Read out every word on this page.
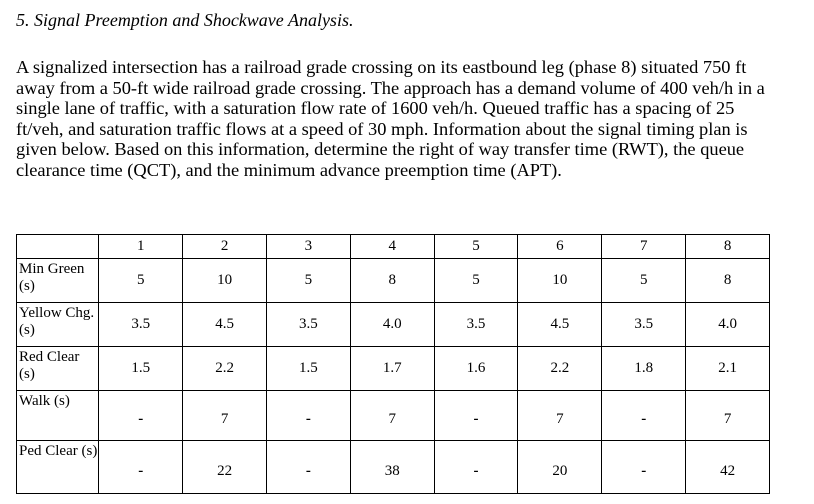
5. Signal Preemption and Shockwave Analysis.

A signalized intersection has a railroad grade crossing on its eastbound leg (phase 8) situated 750 ft away from a 50-ft wide railroad grade crossing. The approach has a demand volume of 400 veh/h in a single lane of traffic, with a saturation flow rate of 1600 veh/h. Queued traffic has a spacing of 25 ft/veh, and saturation traffic flows at a speed of 30 mph. Information about the signal timing plan is given below. Based on this information, determine the right of way transfer time (RWT), the queue clearance time (QCT), and the minimum advance preemption time (APT).

	1	2	3	4	5	6	7	8
Min Green (s)	5	10	5	8	5	10	5	8
Yellow Chg. (s)	3.5	4.5	3.5	4.0	3.5	4.5	3.5	4.0
Red Clear (s)	1.5	2.2	1.5	1.7	1.6	2.2	1.8	2.1
Walk (s)	-	7	-	7	-	7	-	7
Ped Clear (s)	-	22	-	38	-	20	-	42
